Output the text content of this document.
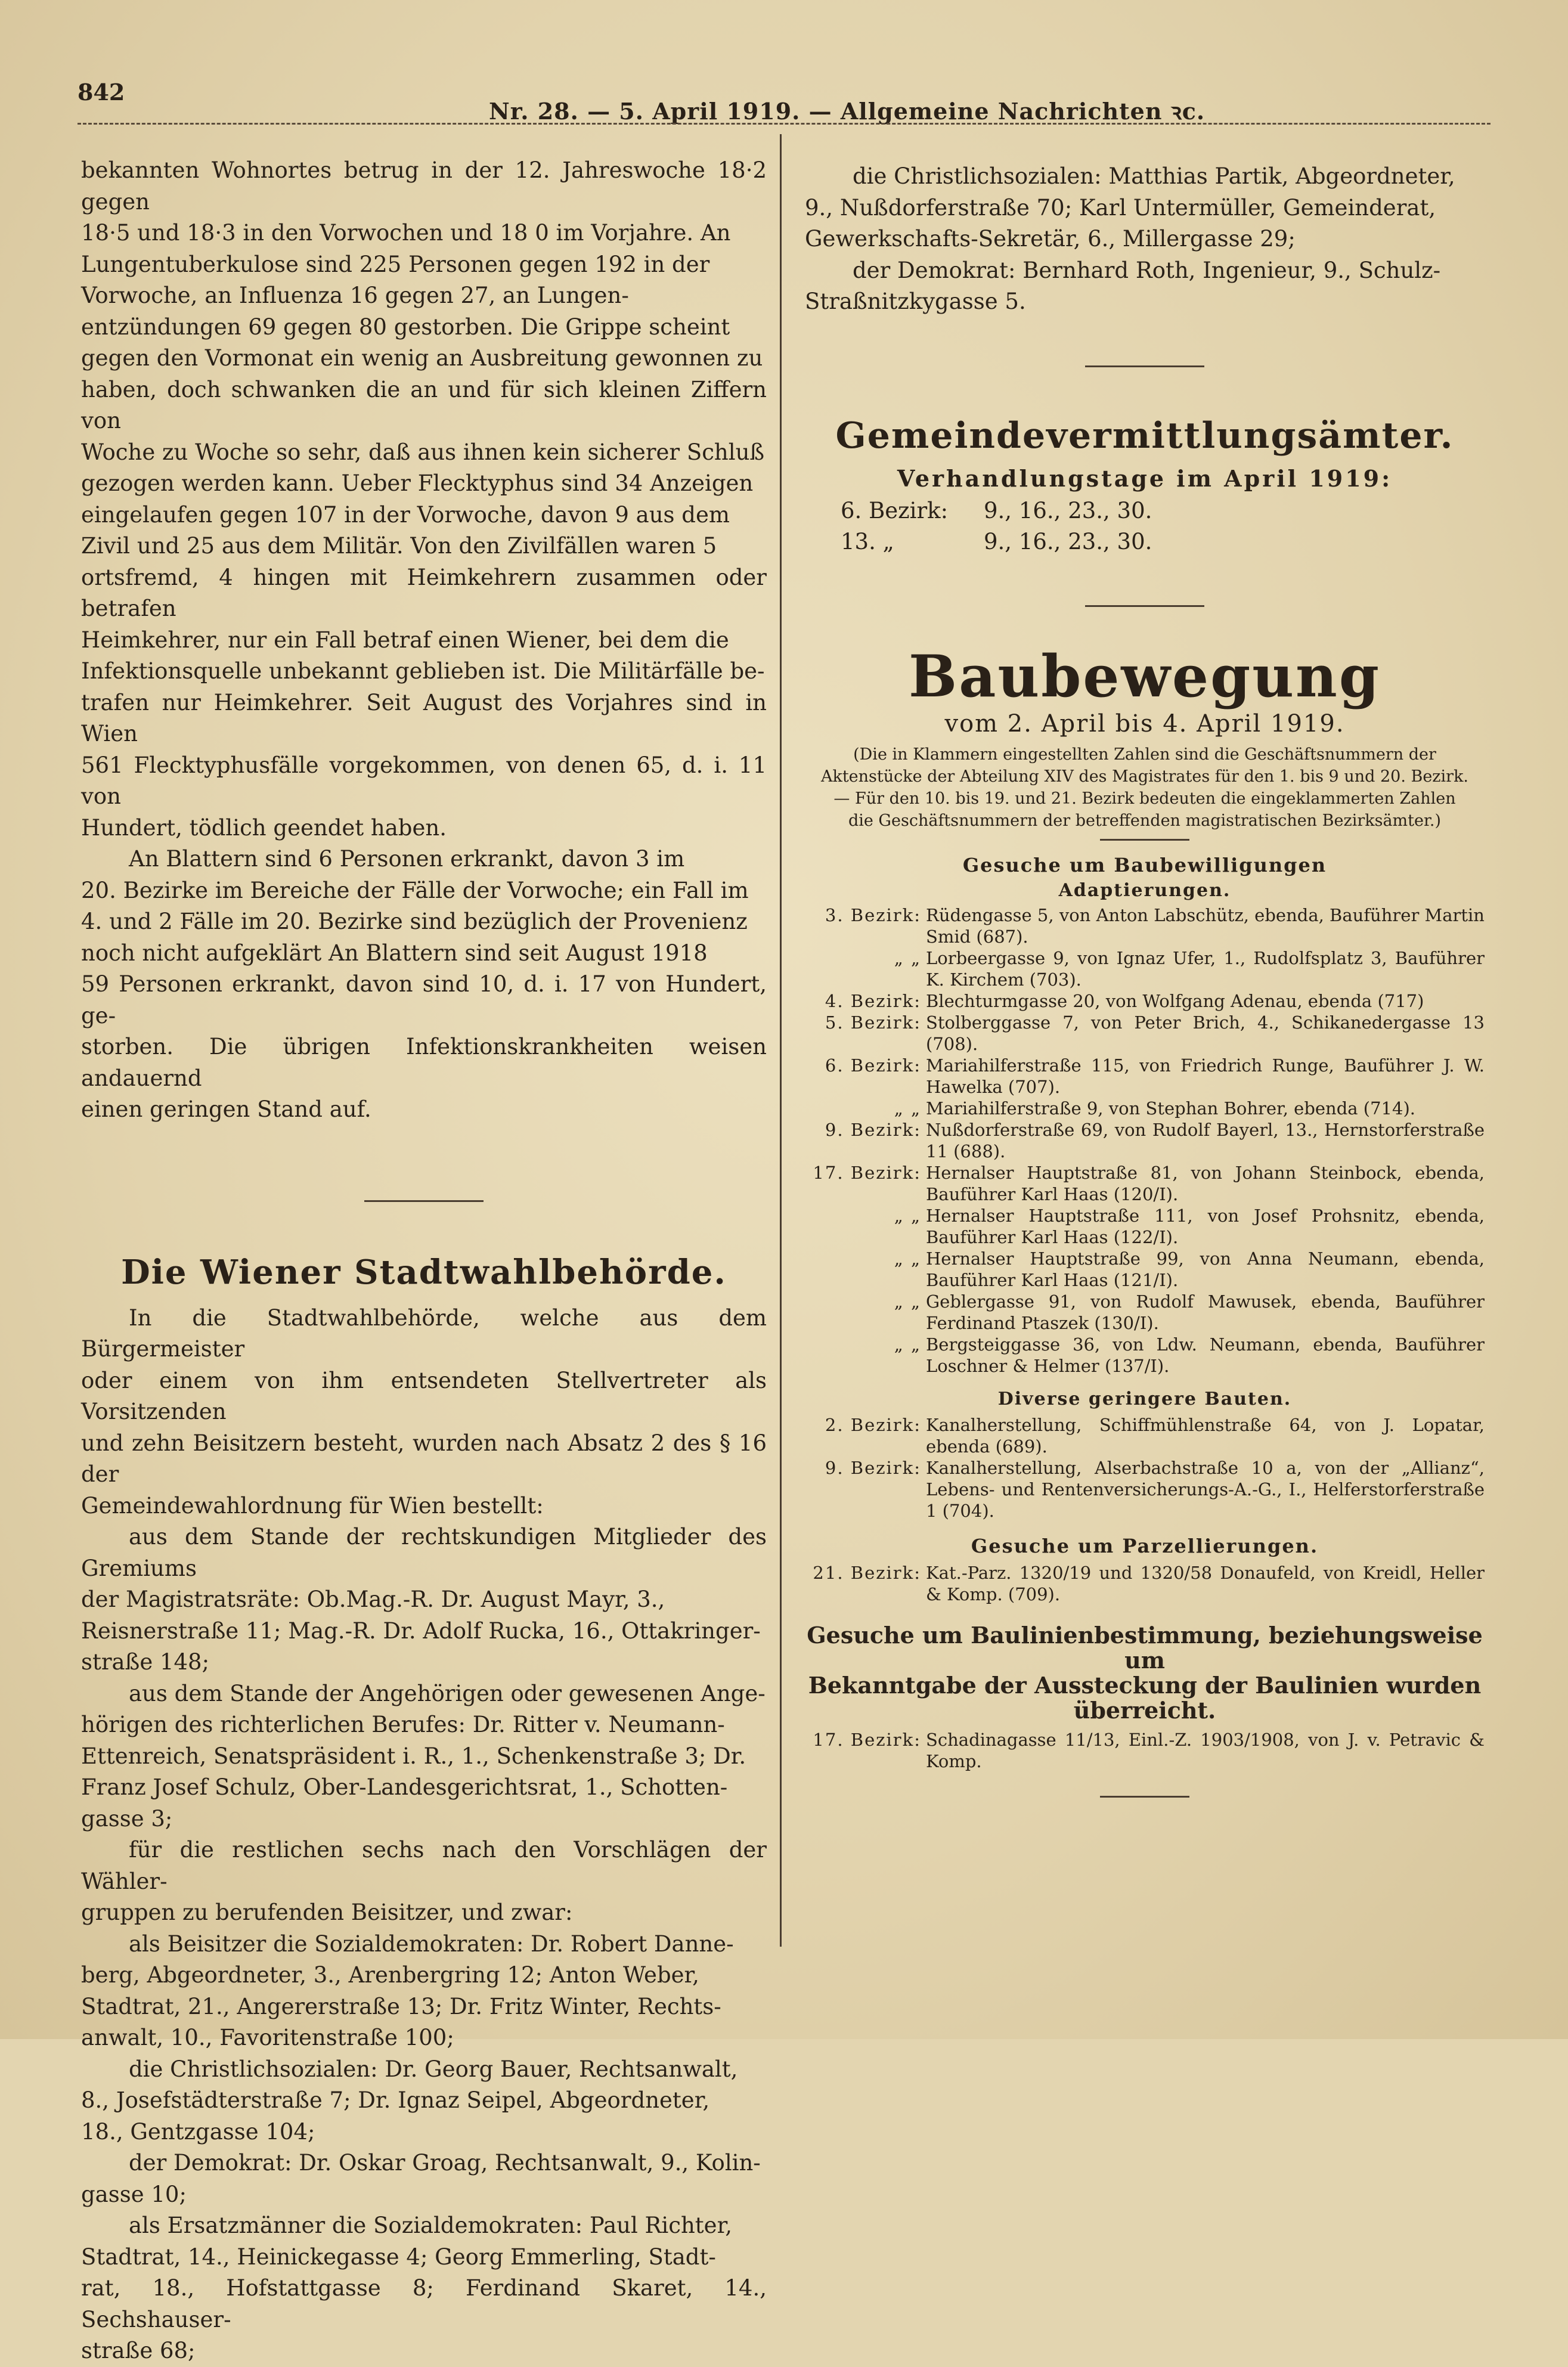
842
Nr. 28. — 5. April 1919. — Allgemeine Nachrichten ꝛc.

bekannten Wohnortes betrug in der 12. Jahreswoche 18·2 gegen

18·5 und 18·3 in den Vorwochen und 18 0 im Vorjahre. An

Lungentuberkulose sind 225 Personen gegen 192 in der

Vorwoche, an Influenza 16 gegen 27, an Lungen-

entzündungen 69 gegen 80 gestorben. Die Grippe scheint

gegen den Vormonat ein wenig an Ausbreitung gewonnen zu

haben, doch schwanken die an und für sich kleinen Ziffern von

Woche zu Woche so sehr, daß aus ihnen kein sicherer Schluß

gezogen werden kann. Ueber Flecktyphus sind 34 Anzeigen

eingelaufen gegen 107 in der Vorwoche, davon 9 aus dem

Zivil und 25 aus dem Militär. Von den Zivilfällen waren 5

ortsfremd, 4 hingen mit Heimkehrern zusammen oder betrafen

Heimkehrer, nur ein Fall betraf einen Wiener, bei dem die

Infektionsquelle unbekannt geblieben ist. Die Militärfälle be-

trafen nur Heimkehrer. Seit August des Vorjahres sind in Wien

561 Flecktyphusfälle vorgekommen, von denen 65, d. i. 11 von

Hundert, tödlich geendet haben.

An Blattern sind 6 Personen erkrankt, davon 3 im

20. Bezirke im Bereiche der Fälle der Vorwoche; ein Fall im

4. und 2 Fälle im 20. Bezirke sind bezüglich der Provenienz

noch nicht aufgeklärt An Blattern sind seit August 1918

59 Personen erkrankt, davon sind 10, d. i. 17 von Hundert, ge-

storben. Die übrigen Infektionskrankheiten weisen andauernd

einen geringen Stand auf.

Die Wiener Stadtwahlbehörde.

In die Stadtwahlbehörde, welche aus dem Bürgermeister

oder einem von ihm entsendeten Stellvertreter als Vorsitzenden

und zehn Beisitzern besteht, wurden nach Absatz 2 des § 16 der

Gemeindewahlordnung für Wien bestellt:

aus dem Stande der rechtskundigen Mitglieder des Gremiums

der Magistratsräte: Ob.Mag.-R. Dr. August Mayr, 3.,

Reisnerstraße 11; Mag.-R. Dr. Adolf Rucka, 16., Ottakringer-

straße 148;

aus dem Stande der Angehörigen oder gewesenen Ange-

hörigen des richterlichen Berufes: Dr. Ritter v. Neumann-

Ettenreich, Senatspräsident i. R., 1., Schenkenstraße 3; Dr.

Franz Josef Schulz, Ober-Landesgerichtsrat, 1., Schotten-

gasse 3;

für die restlichen sechs nach den Vorschlägen der Wähler-

gruppen zu berufenden Beisitzer, und zwar:

als Beisitzer die Sozialdemokraten: Dr. Robert Danne-

berg, Abgeordneter, 3., Arenbergring 12; Anton Weber,

Stadtrat, 21., Angererstraße 13; Dr. Fritz Winter, Rechts-

anwalt, 10., Favoritenstraße 100;

die Christlichsozialen: Dr. Georg Bauer, Rechtsanwalt,

8., Josefstädterstraße 7; Dr. Ignaz Seipel, Abgeordneter,

18., Gentzgasse 104;

der Demokrat: Dr. Oskar Groag, Rechtsanwalt, 9., Kolin-

gasse 10;

als Ersatzmänner die Sozialdemokraten: Paul Richter,

Stadtrat, 14., Heinickegasse 4; Georg Emmerling, Stadt-

rat, 18., Hofstattgasse 8; Ferdinand Skaret, 14., Sechshauser-

straße 68;

die Christlichsozialen: Matthias Partik, Abgeordneter,

9., Nußdorferstraße 70; Karl Untermüller, Gemeinderat,

Gewerkschafts-Sekretär, 6., Millergasse 29;

der Demokrat: Bernhard Roth, Ingenieur, 9., Schulz-

Straßnitzkygasse 5.

Gemeindevermittlungsämter.

Verhandlungstage im April 1919:

6. Bezirk:	9., 16., 23., 30.
13. „	9., 16., 23., 30.

Baubewegung

vom 2. April bis 4. April 1919.

(Die in Klammern eingestellten Zahlen sind die Geschäftsnummern der

Aktenstücke der Abteilung XIV des Magistrates für den 1. bis 9 und 20. Bezirk.

— Für den 10. bis 19. und 21. Bezirk bedeuten die eingeklammerten Zahlen

die Geschäftsnummern der betreffenden magistratischen Bezirksämter.)

Gesuche um Baubewilligungen

Adaptierungen.

3. Bezirk: Rüdengasse 5, von Anton Labschütz, ebenda, Bauführer Martin Smid (687).
„ „ Lorbeergasse 9, von Ignaz Ufer, 1., Rudolfsplatz 3, Bauführer K. Kirchem (703).
4. Bezirk: Blechturmgasse 20, von Wolfgang Adenau, ebenda (717)
5. Bezirk: Stolberggasse 7, von Peter Brich, 4., Schikanedergasse 13 (708).
6. Bezirk: Mariahilferstraße 115, von Friedrich Runge, Bauführer J. W. Hawelka (707).
„ „ Mariahilferstraße 9, von Stephan Bohrer, ebenda (714).
9. Bezirk: Nußdorferstraße 69, von Rudolf Bayerl, 13., Hernstorferstraße 11 (688).
17. Bezirk: Hernalser Hauptstraße 81, von Johann Steinbock, ebenda, Bauführer Karl Haas (120/I).
„ „ Hernalser Hauptstraße 111, von Josef Prohsnitz, ebenda, Bauführer Karl Haas (122/I).
„ „ Hernalser Hauptstraße 99, von Anna Neumann, ebenda, Bauführer Karl Haas (121/I).
„ „ Geblergasse 91, von Rudolf Mawusek, ebenda, Bauführer Ferdinand Ptaszek (130/I).
„ „ Bergsteiggasse 36, von Ldw. Neumann, ebenda, Bauführer Loschner & Helmer (137/I).

Diverse geringere Bauten.

2. Bezirk: Kanalherstellung, Schiffmühlenstraße 64, von J. Lopatar, ebenda (689).
9. Bezirk: Kanalherstellung, Alserbachstraße 10 a, von der „Allianz“, Lebens- und Rentenversicherungs-A.-G., I., Helferstorferstraße 1 (704).

Gesuche um Parzellierungen.

21. Bezirk: Kat.-Parz. 1320/19 und 1320/58 Donaufeld, von Kreidl, Heller & Komp. (709).

Gesuche um Baulinienbestimmung, beziehungsweise um

Bekanntgabe der Aussteckung der Baulinien wurden

überreicht.

17. Bezirk: Schadinagasse 11/13, Einl.-Z. 1903/1908, von J. v. Petravic & Komp.
